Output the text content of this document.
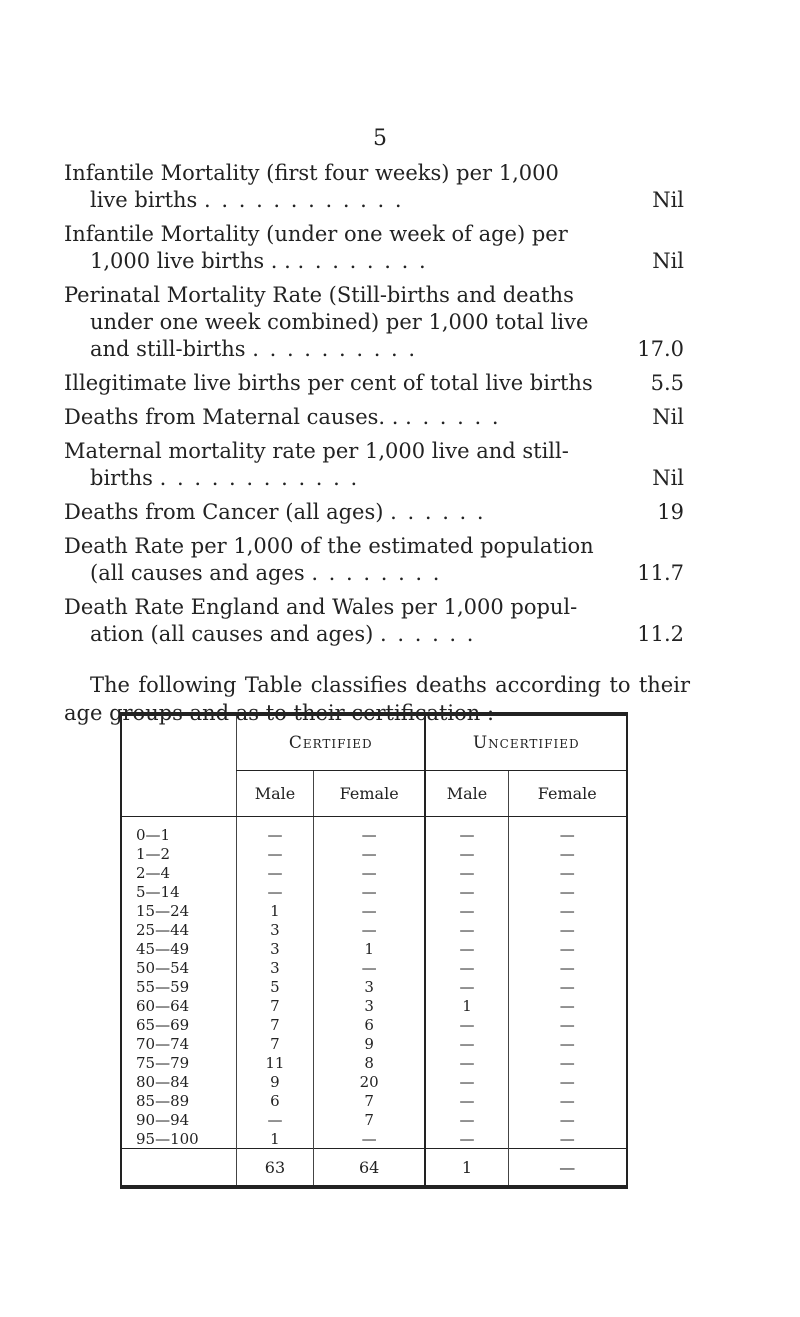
5
Infantile Mortality (first four weeks) per 1,000 live births . . . . . . . . . . . .	Nil
Infantile Mortality (under one week of age) per 1,000 live births . . . . . . . . . .	Nil
Perinatal Mortality Rate (Still-births and deaths under one week combined) per 1,000 total live and still-births . . . . . . . . . .	17.0
Illegitimate live births per cent of total live births	5.5
Deaths from Maternal causes. . . . . . . .	Nil
Maternal mortality rate per 1,000 live and still-births . . . . . . . . . . . .	Nil
Deaths from Cancer (all ages) . . . . . .	19
Death Rate per 1,000 of the estimated population (all causes and ages . . . . . . . .	11.7
Death Rate England and Wales per 1,000 popul-ation (all causes and ages) . . . . . .	11.2

The following Table classifies deaths according to their age groups and as to their certification :—

	Certified		Uncertified	
	Male	Female	Male	Female
0—1	—	—	—	—
1—2	—	—	—	—
2—4	—	—	—	—
5—14	—	—	—	—
15—24	1	—	—	—
25—44	3	—	—	—
45—49	3	1	—	—
50—54	3	—	—	—
55—59	5	3	—	—
60—64	7	3	1	—
65—69	7	6	—	—
70—74	7	9	—	—
75—79	11	8	—	—
80—84	9	20	—	—
85—89	6	7	—	—
90—94	—	7	—	—
95—100	1	—	—	—
	63	64	1	—
